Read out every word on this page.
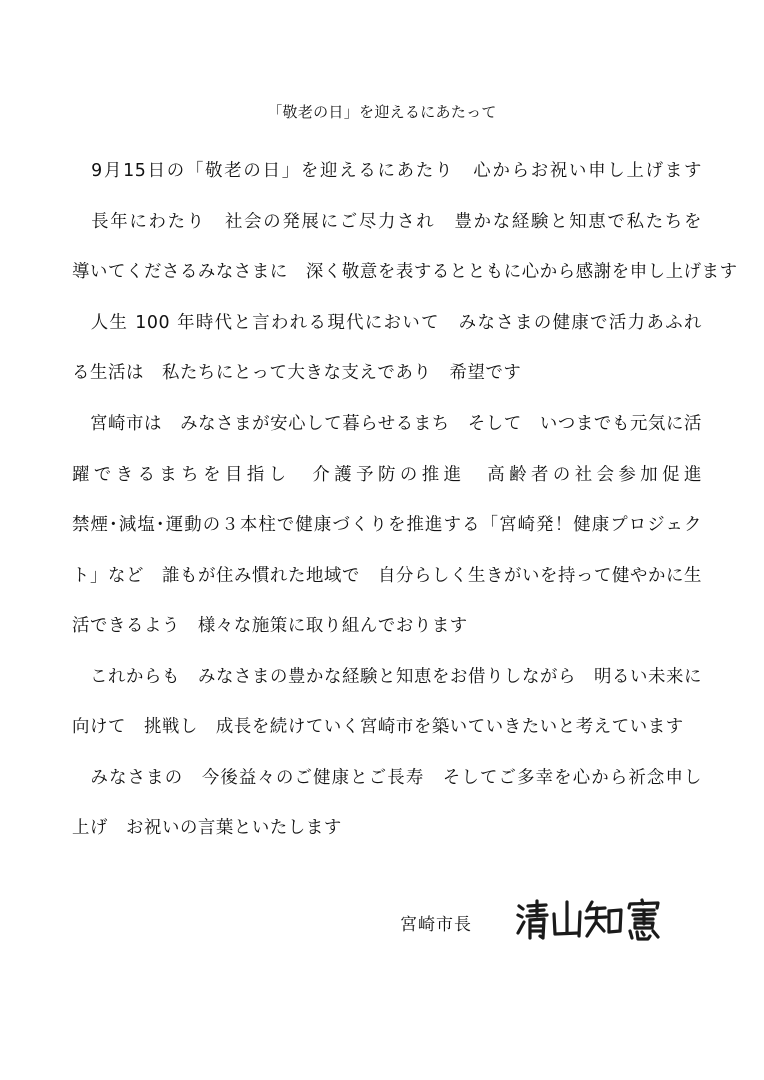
「敬老の日」を迎えるにあたって
　9月15日の「敬老の日」を迎えるにあたり　心からお祝い申し上げます
　長年にわたり　社会の発展にご尽力され　豊かな経験と知恵で私たちを
導いてくださるみなさまに　深く敬意を表するとともに心から感謝を申し上げます
　人生 100 年時代と言われる現代において　みなさまの健康で活力あふれ
る生活は　私たちにとって大きな支えであり　希望です
　宮崎市は　みなさまが安心して暮らせるまち　そして　いつまでも元気に活
躍できるまちを目指し　介護予防の推進　高齢者の社会参加促進
禁煙･減塩･運動の３本柱で健康づくりを推進する「宮崎発！健康プロジェク
ト」など　誰もが住み慣れた地域で　自分らしく生きがいを持って健やかに生
活できるよう　様々な施策に取り組んでおります
　これからも　みなさまの豊かな経験と知恵をお借りしながら　明るい未来に
向けて　挑戦し　成長を続けていく宮崎市を築いていきたいと考えています
　みなさまの　今後益々のご健康とご長寿　そしてご多幸を心から祈念申し
上げ　お祝いの言葉といたします
宮崎市長
